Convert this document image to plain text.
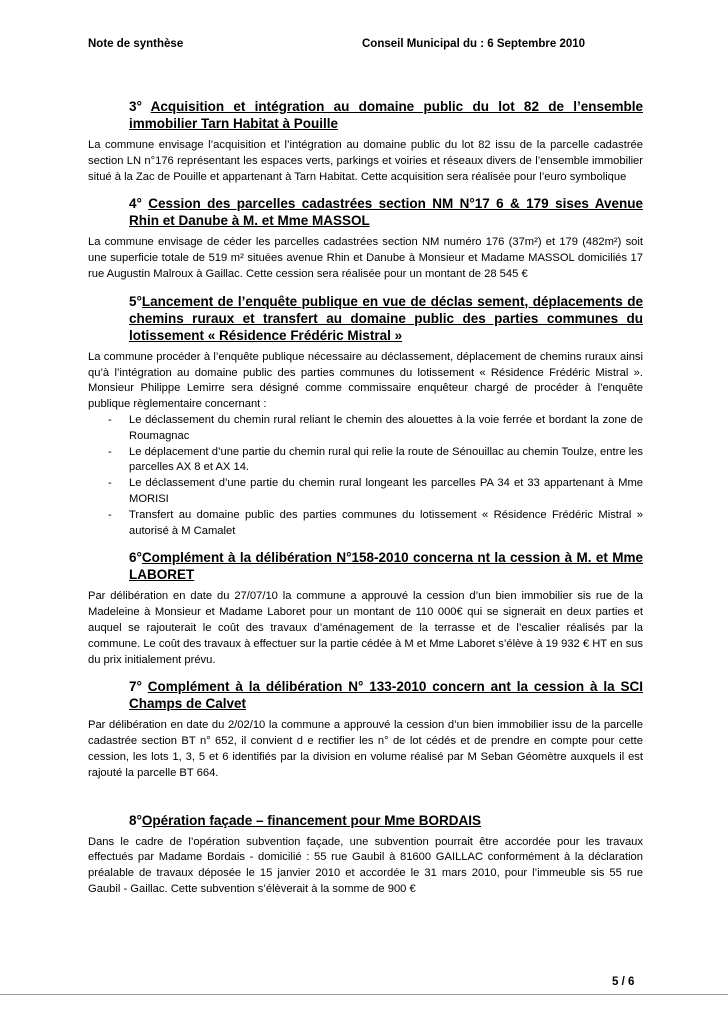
Note de synthèse	Conseil Municipal du : 6 Septembre 2010
3° Acquisition et intégration au domaine public du lot 82 de l’ensemble immobilier Tarn Habitat à Pouille

La commune envisage l’acquisition et l’intégration au domaine public du lot 82 issu de la parcelle cadastrée section LN n°176 représentant les espaces verts, parkings et voiries et réseaux divers de l’ensemble immobilier situé à la Zac de Pouille et appartenant à Tarn Habitat. Cette acquisition sera réalisée pour l’euro symbolique

4° Cession des parcelles cadastrées section NM N°17 6 & 179 sises Avenue Rhin et Danube à M. et Mme MASSOL

La commune envisage de céder les parcelles cadastrées section NM numéro 176 (37m²) et 179 (482m²) soit une superficie totale de 519 m² situées avenue Rhin et Danube à Monsieur et Madame MASSOL domiciliés 17 rue Augustin Malroux à Gaillac. Cette cession sera réalisée pour un montant de 28 545 €

5°Lancement de l’enquête publique en vue de déclas sement, déplacements de chemins ruraux et transfert au domaine public des parties communes du lotissement « Résidence Frédéric Mistral »

La commune procéder à l’enquête publique nécessaire au déclassement, déplacement de chemins ruraux ainsi qu’à l’intégration au domaine public des parties communes du lotissement « Résidence Frédéric Mistral ». Monsieur Philippe Lemirre sera désigné comme commissaire enquêteur chargé de procéder à l’enquête publique règlementaire concernant :

- Le déclassement du chemin rural reliant le chemin des alouettes à la voie ferrée et bordant la zone de Roumagnac
- Le déplacement d’une partie du chemin rural qui relie la route de Sénouillac au chemin Toulze, entre les parcelles AX 8 et AX 14.
- Le déclassement d’une partie du chemin rural longeant les parcelles PA 34 et 33 appartenant à Mme MORISI
- Transfert au domaine public des parties communes du lotissement « Résidence Frédéric Mistral » autorisé à M Camalet
6°Complément à la délibération N°158-2010 concerna nt la cession à M. et Mme LABORET

Par délibération en date du 27/07/10 la commune a approuvé la cession d’un bien immobilier sis rue de la Madeleine à Monsieur et Madame Laboret pour un montant de 110 000€ qui se signerait en deux parties et auquel se rajouterait le coût des travaux d’aménagement de la terrasse et de l’escalier réalisés par la commune. Le coût des travaux à effectuer sur la partie cédée à M et Mme Laboret s’élève à 19 932 € HT en sus du prix initialement prévu.

7° Complément à la délibération N° 133-2010 concern ant la cession à la SCI Champs de Calvet

Par délibération en date du 2/02/10 la commune a approuvé la cession d’un bien immobilier issu de la parcelle cadastrée section BT n° 652, il convient d e rectifier les n° de lot cédés et de prendre en compte pour cette cession, les lots 1, 3, 5 et 6 identifiés par la division en volume réalisé par M Seban Géomètre auxquels il est rajouté la parcelle BT 664.

8°Opération façade – financement pour Mme BORDAIS

Dans le cadre de l’opération subvention façade, une subvention pourrait être accordée pour les travaux effectués par Madame Bordais - domicilié : 55 rue Gaubil à 81600 GAILLAC conformément à la déclaration préalable de travaux déposée le 15 janvier 2010 et accordée le 31 mars 2010, pour l’immeuble sis 55 rue Gaubil - Gaillac. Cette subvention s’élèverait à la somme de 900 €

5 / 6
